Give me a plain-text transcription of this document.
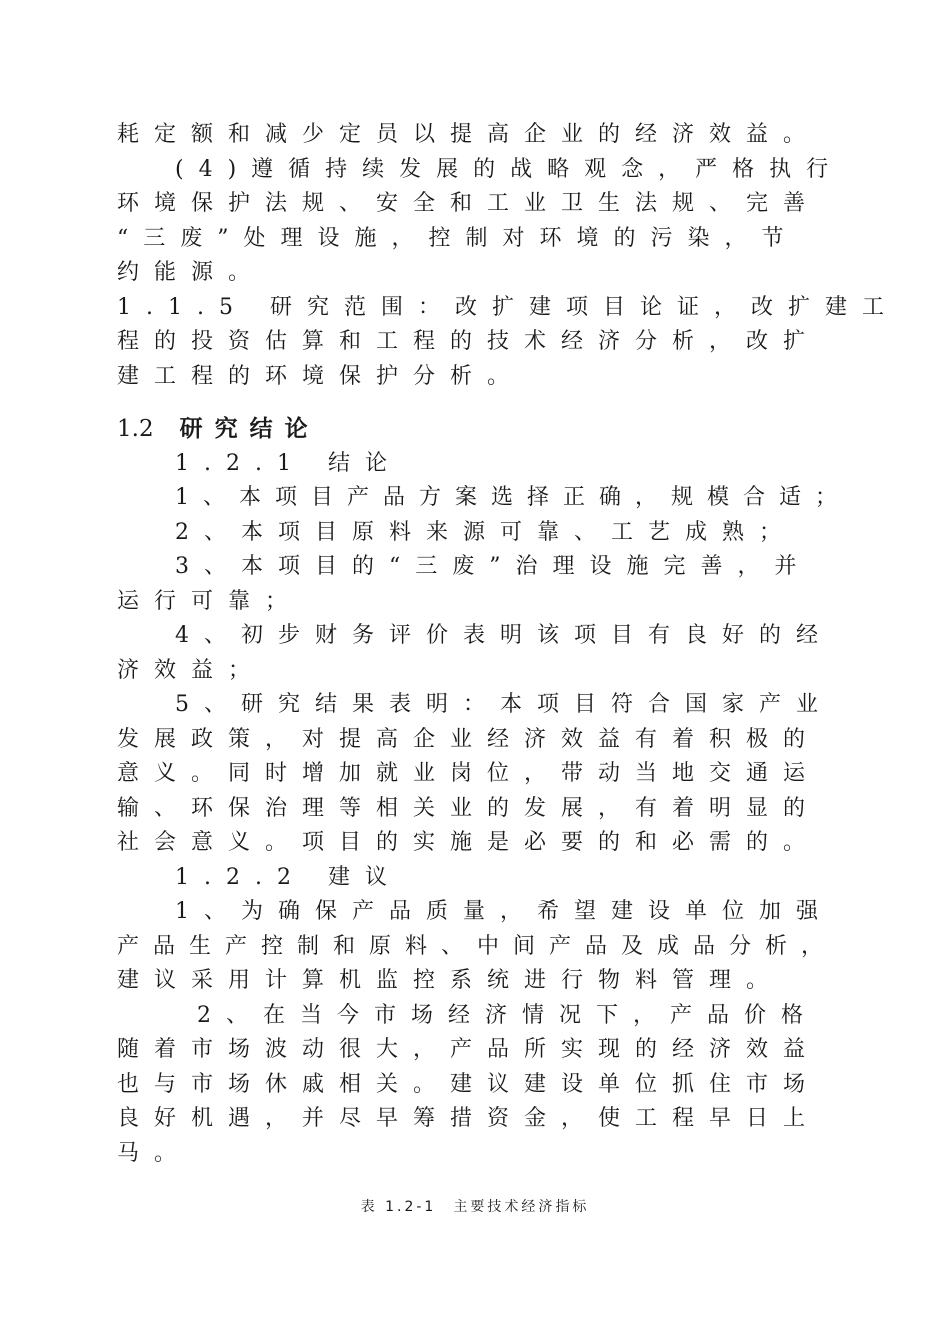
耗定额和减少定员以提高企业的经济效益。
(4)遵循持续发展的战略观念，严格执行
环境保护法规、安全和工业卫生法规、完善
“三废”处理设施，控制对环境的污染，节
约能源。
1.1.5 研究范围：改扩建项目论证，改扩建工
程的投资估算和工程的技术经济分析，改扩
建工程的环境保护分析。
1.2 研究结论
1.2.1 结论
1、本项目产品方案选择正确，规模合适；
2、本项目原料来源可靠、工艺成熟；
3、本项目的“三废”治理设施完善，并
运行可靠；
4、初步财务评价表明该项目有良好的经
济效益；
5、研究结果表明：本项目符合国家产业
发展政策，对提高企业经济效益有着积极的
意义。同时增加就业岗位，带动当地交通运
输、环保治理等相关业的发展，有着明显的
社会意义。项目的实施是必要的和必需的。
1.2.2 建议
1、为确保产品质量，希望建设单位加强
产品生产控制和原料、中间产品及成品分析，
建议采用计算机监控系统进行物料管理。
2、在当今市场经济情况下，产品价格
随着市场波动很大，产品所实现的经济效益
也与市场休戚相关。建议建设单位抓住市场
良好机遇，并尽早筹措资金，使工程早日上
马。
表 1.2-1　主要技术经济指标
